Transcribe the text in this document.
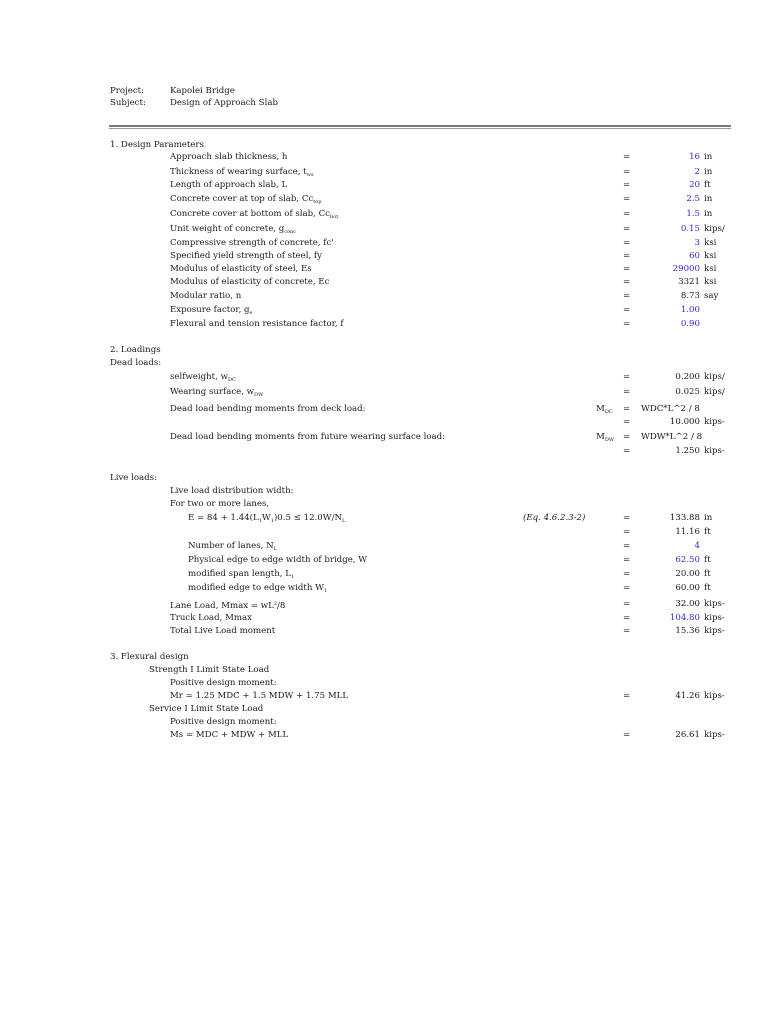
Project:	Kapolei Bridge
Subject:	Design of Approach Slab
1. Design Parameters
Approach slab thickness, h	=	16 in
Thickness of wearing surface, $t_{ws}$	=	2 in
Length of approach slab, L	=	20 ft
Concrete cover at top of slab, $Cc_{top}$	=	2.5 in
Concrete cover at bottom of slab, $Cc_{bot}$	=	1.5 in
Unit weight of concrete, $g_{conc}$	=	0.15 kips/
Compressive strength of concrete, fc'	=	3 ksi
Specified yield strength of steel, fy	=	60 ksi
Modulus of elasticity of steel, Es	=	29000 ksi
Modulus of elasticity of concrete, Ec	=	3321 ksi
Modular ratio, n	=	8.73 say
Exposure factor, $g_e$	=	1.00
Flexural and tension resistance factor, f	=	0.90
2. Loadings
Dead loads:
selfweight, $w_{DC}$	=	0.200 kips/
Wearing surface, $w_{DW}$	=	0.025 kips/
Dead load bending moments from deck load:	$M_{DC}$ = WDC*L^2 / 8
=	10.000 kips-
Dead load bending moments from future wearing surface load:	$M_{DW}$ = WDW*L^2 / 8
=	1.250 kips-
Live loads:
Live load distribution width:
For two or more lanes,
$E = 84 + 1.44(L_1W_1)0.5 \le 12.0W/N_L$	(Eq. 4.6.2.3-2)	=	133.88 in
=	11.16 ft
Number of lanes, $N_L$	=	4
Physical edge to edge width of bridge, W	=	62.50 ft
modified span length, $L_1$	=	20.00 ft
modified edge to edge width $W_1$	=	60.00 ft
Lane Load, $Mmax = wL^2/8$	=	32.00 kips-
Truck Load, Mmax	=	104.80 kips-
Total Live Load moment	=	15.36 kips-
3. Flexural design
Strength I Limit State Load
Positive design moment:
Mr = 1.25 MDC + 1.5 MDW + 1.75 MLL	=	41.26 kips-
Service I Limit State Load
Positive design moment:
Ms = MDC + MDW + MLL	=	26.61 kips-
